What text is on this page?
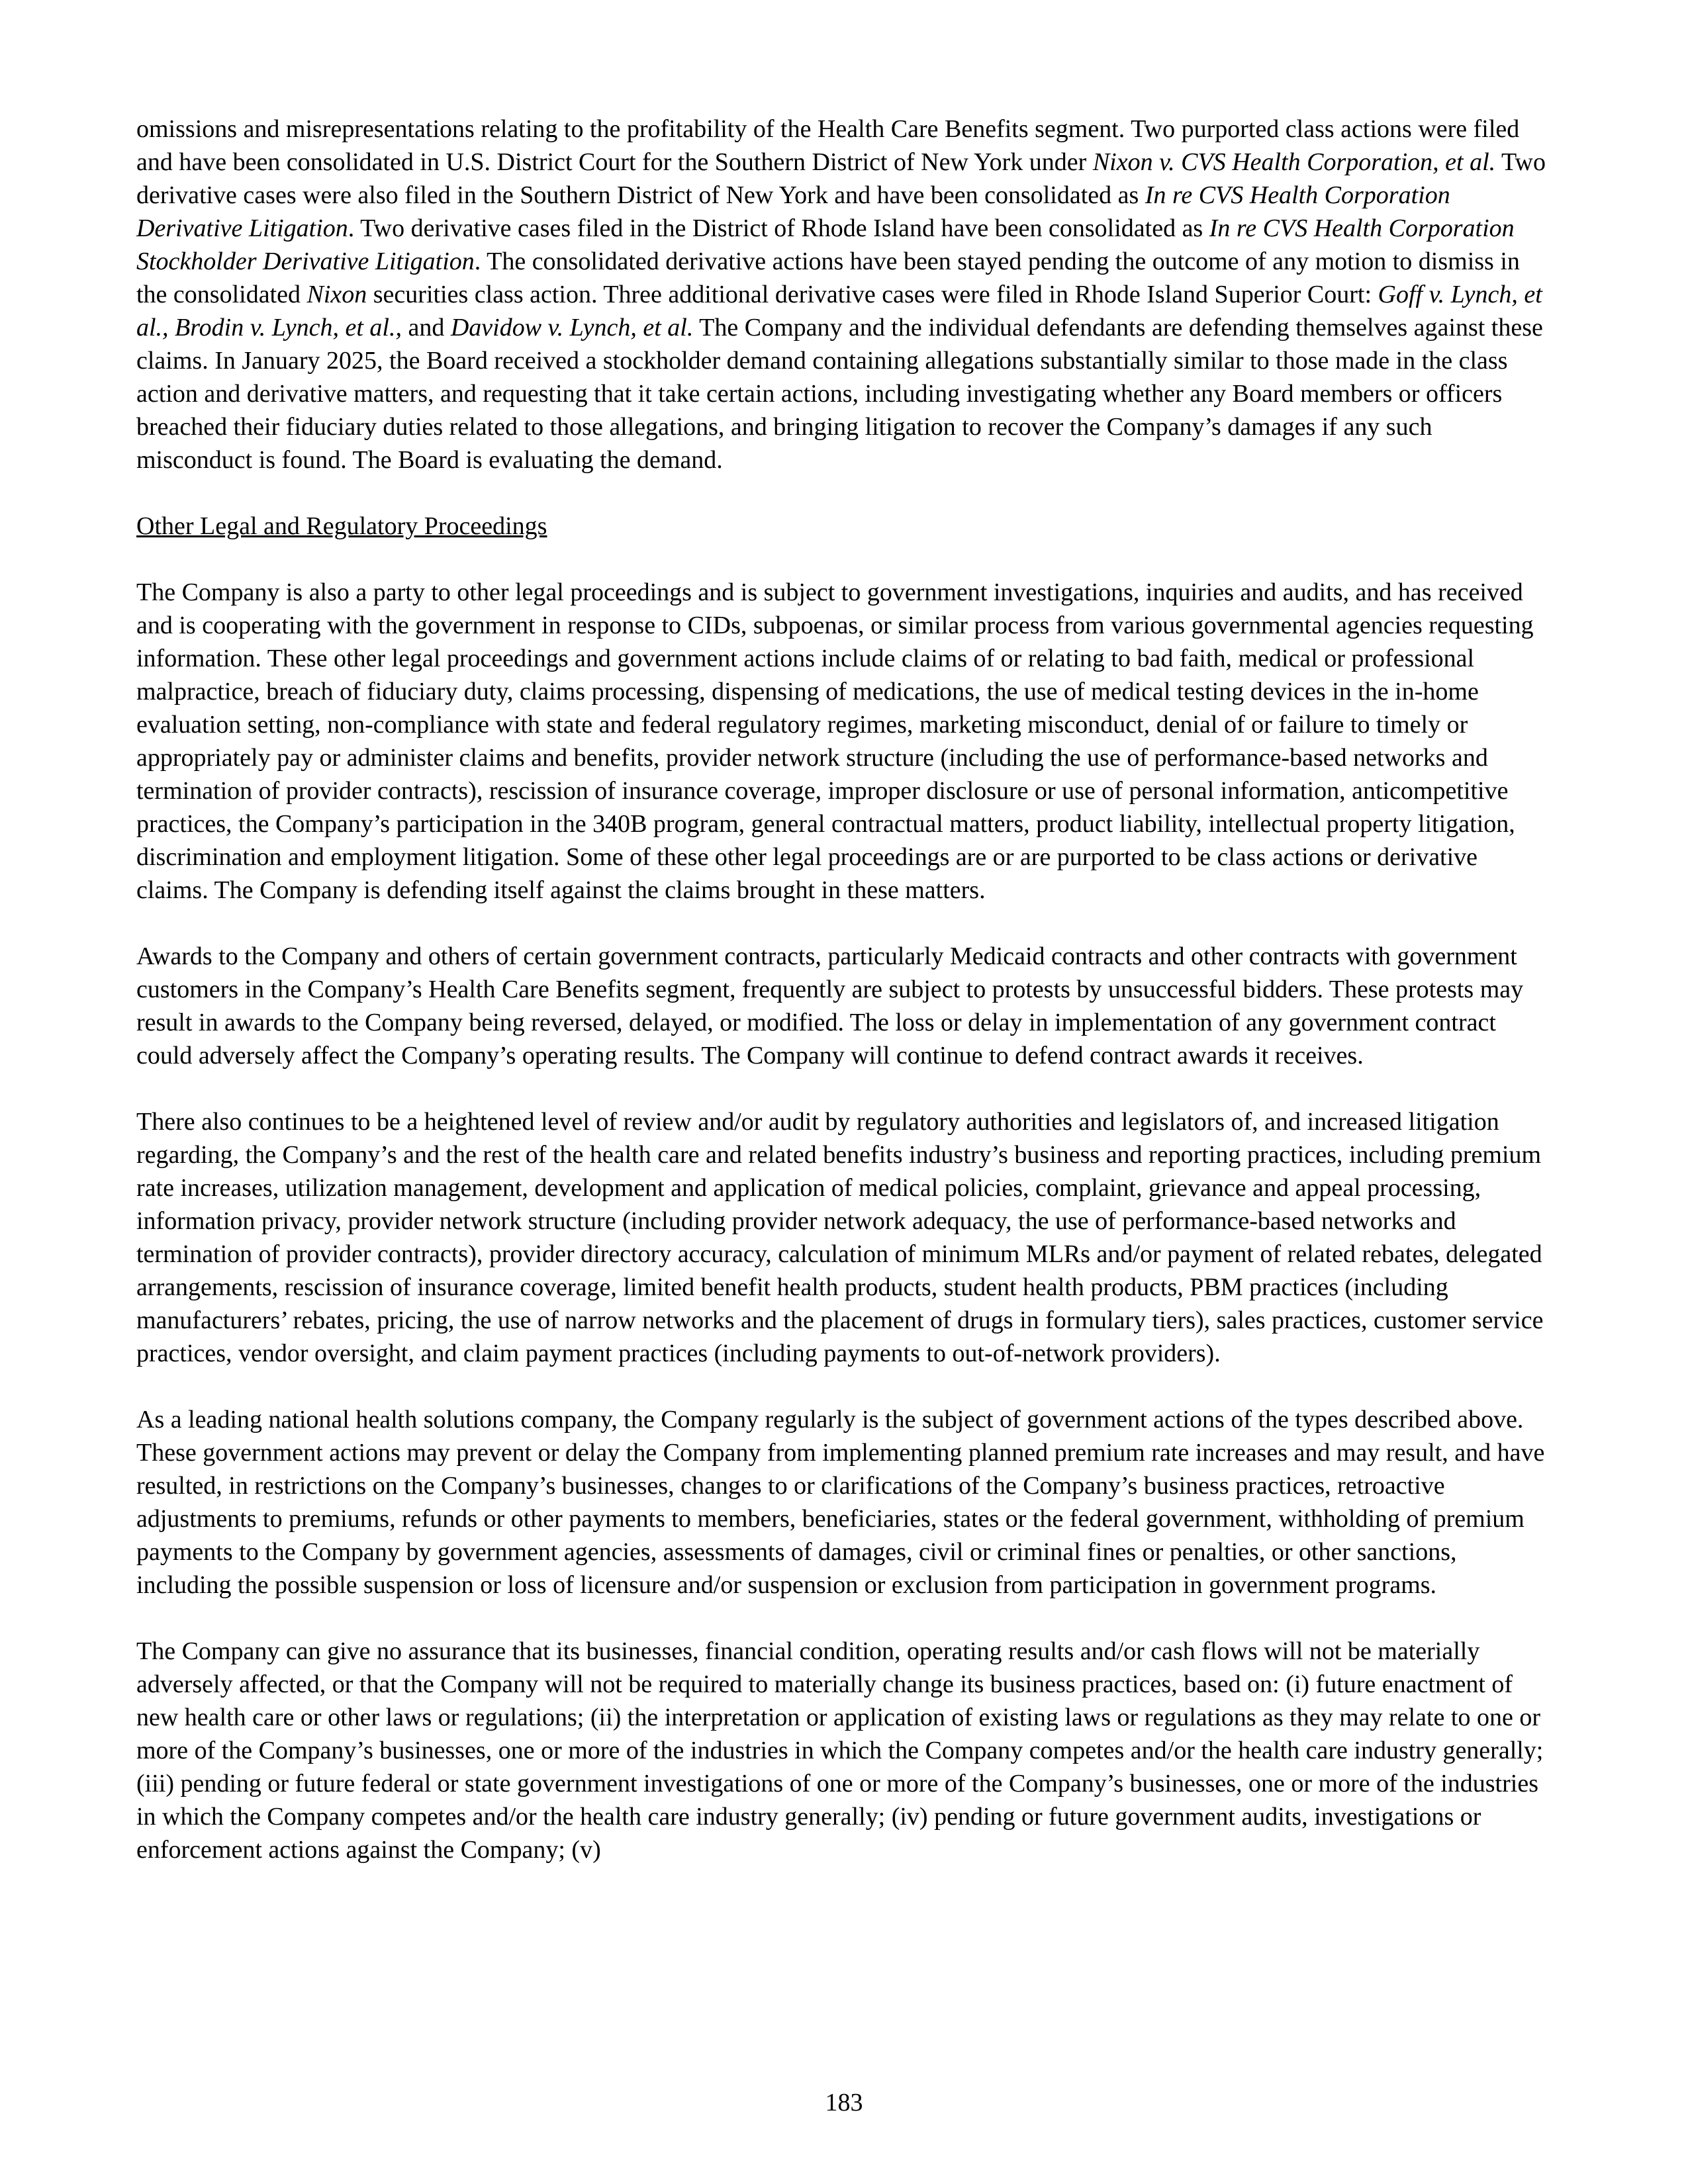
omissions and misrepresentations relating to the profitability of the Health Care Benefits segment. Two purported class actions were filed and have been consolidated in U.S. District Court for the Southern District of New York under Nixon v. CVS Health Corporation, et al. Two derivative cases were also filed in the Southern District of New York and have been consolidated as In re CVS Health Corporation Derivative Litigation. Two derivative cases filed in the District of Rhode Island have been consolidated as In re CVS Health Corporation Stockholder Derivative Litigation. The consolidated derivative actions have been stayed pending the outcome of any motion to dismiss in the consolidated Nixon securities class action. Three additional derivative cases were filed in Rhode Island Superior Court: Goff v. Lynch, et al., Brodin v. Lynch, et al., and Davidow v. Lynch, et al. The Company and the individual defendants are defending themselves against these claims. In January 2025, the Board received a stockholder demand containing allegations substantially similar to those made in the class action and derivative matters, and requesting that it take certain actions, including investigating whether any Board members or officers breached their fiduciary duties related to those allegations, and bringing litigation to recover the Company’s damages if any such misconduct is found. The Board is evaluating the demand.

Other Legal and Regulatory Proceedings

The Company is also a party to other legal proceedings and is subject to government investigations, inquiries and audits, and has received and is cooperating with the government in response to CIDs, subpoenas, or similar process from various governmental agencies requesting information. These other legal proceedings and government actions include claims of or relating to bad faith, medical or professional malpractice, breach of fiduciary duty, claims processing, dispensing of medications, the use of medical testing devices in the in-home evaluation setting, non-compliance with state and federal regulatory regimes, marketing misconduct, denial of or failure to timely or appropriately pay or administer claims and benefits, provider network structure (including the use of performance-based networks and termination of provider contracts), rescission of insurance coverage, improper disclosure or use of personal information, anticompetitive practices, the Company’s participation in the 340B program, general contractual matters, product liability, intellectual property litigation, discrimination and employment litigation. Some of these other legal proceedings are or are purported to be class actions or derivative claims. The Company is defending itself against the claims brought in these matters.

Awards to the Company and others of certain government contracts, particularly Medicaid contracts and other contracts with government customers in the Company’s Health Care Benefits segment, frequently are subject to protests by unsuccessful bidders. These protests may result in awards to the Company being reversed, delayed, or modified. The loss or delay in implementation of any government contract could adversely affect the Company’s operating results. The Company will continue to defend contract awards it receives.

There also continues to be a heightened level of review and/or audit by regulatory authorities and legislators of, and increased litigation regarding, the Company’s and the rest of the health care and related benefits industry’s business and reporting practices, including premium rate increases, utilization management, development and application of medical policies, complaint, grievance and appeal processing, information privacy, provider network structure (including provider network adequacy, the use of performance-based networks and termination of provider contracts), provider directory accuracy, calculation of minimum MLRs and/or payment of related rebates, delegated arrangements, rescission of insurance coverage, limited benefit health products, student health products, PBM practices (including manufacturers’ rebates, pricing, the use of narrow networks and the placement of drugs in formulary tiers), sales practices, customer service practices, vendor oversight, and claim payment practices (including payments to out-of-network providers).

As a leading national health solutions company, the Company regularly is the subject of government actions of the types described above. These government actions may prevent or delay the Company from implementing planned premium rate increases and may result, and have resulted, in restrictions on the Company’s businesses, changes to or clarifications of the Company’s business practices, retroactive adjustments to premiums, refunds or other payments to members, beneficiaries, states or the federal government, withholding of premium payments to the Company by government agencies, assessments of damages, civil or criminal fines or penalties, or other sanctions, including the possible suspension or loss of licensure and/or suspension or exclusion from participation in government programs.

The Company can give no assurance that its businesses, financial condition, operating results and/or cash flows will not be materially adversely affected, or that the Company will not be required to materially change its business practices, based on: (i) future enactment of new health care or other laws or regulations; (ii) the interpretation or application of existing laws or regulations as they may relate to one or more of the Company’s businesses, one or more of the industries in which the Company competes and/or the health care industry generally; (iii) pending or future federal or state government investigations of one or more of the Company’s businesses, one or more of the industries in which the Company competes and/or the health care industry generally; (iv) pending or future government audits, investigations or enforcement actions against the Company; (v)

183
